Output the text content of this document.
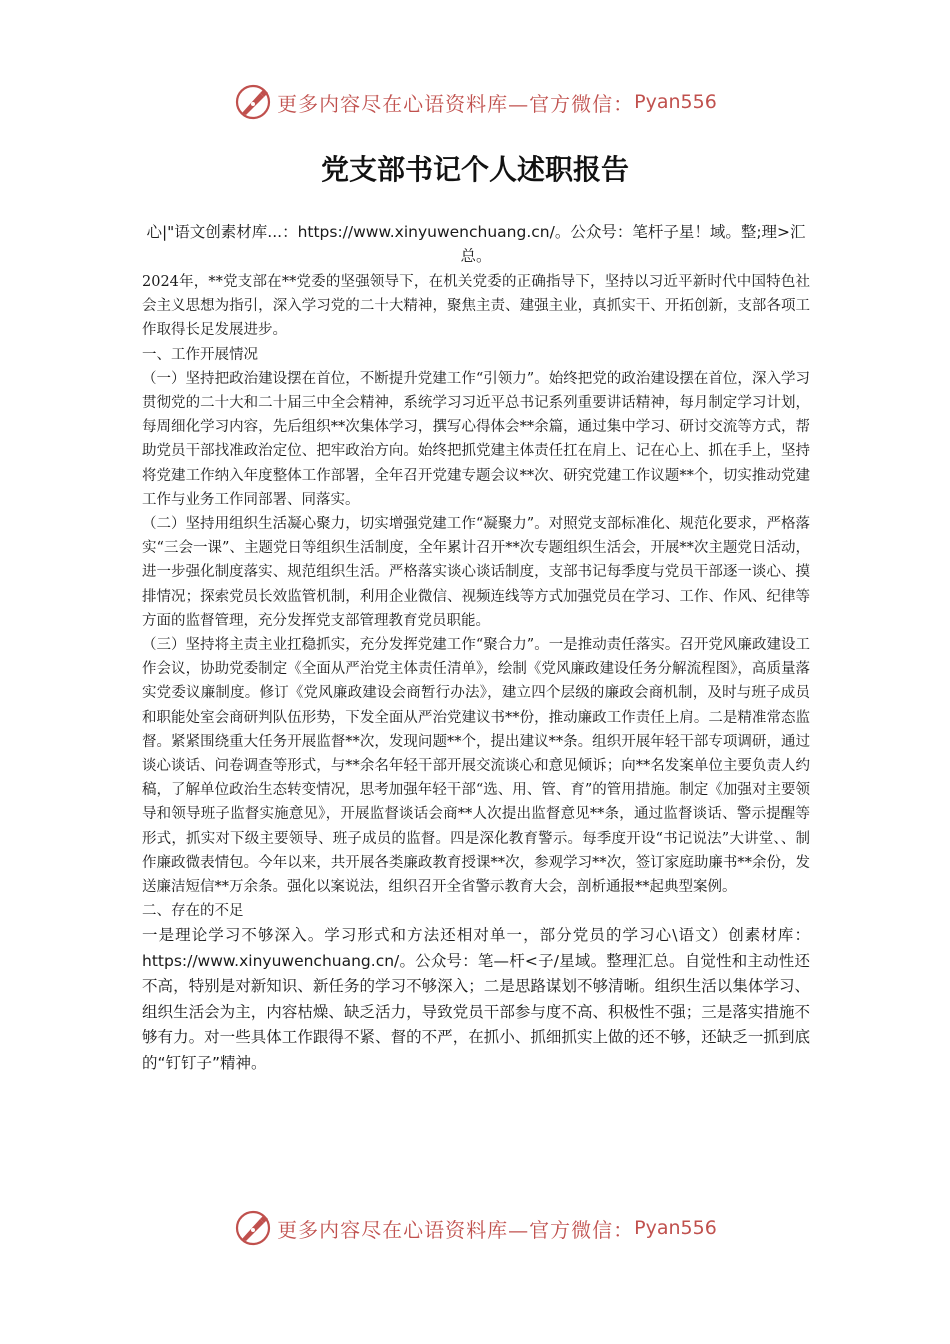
更多内容尽在心语资料库—官方微信： Pyan556
党支部书记个人述职报告

心|"语文创素材库...：https://www.xinyuwenchuang.cn/。公众号：笔杆子星！域。整;理>汇总。

2024年，**党支部在**党委的坚强领导下，在机关党委的正确指导下，坚持以习近平新时代中国特色社会主义思想为指引，深入学习党的二十大精神，聚焦主责、建强主业，真抓实干、开拓创新，支部各项工作取得长足发展进步。

一、工作开展情况

（一）坚持把政治建设摆在首位，不断提升党建工作“引领力”。始终把党的政治建设摆在首位，深入学习贯彻党的二十大和二十届三中全会精神，系统学习习近平总书记系列重要讲话精神，每月制定学习计划，每周细化学习内容，先后组织**次集体学习，撰写心得体会**余篇，通过集中学习、研讨交流等方式，帮助党员干部找准政治定位、把牢政治方向。始终把抓党建主体责任扛在肩上、记在心上、抓在手上，坚持将党建工作纳入年度整体工作部署，全年召开党建专题会议**次、研究党建工作议题**个，切实推动党建工作与业务工作同部署、同落实。

（二）坚持用组织生活凝心聚力，切实增强党建工作“凝聚力”。对照党支部标准化、规范化要求，严格落实“三会一课”、主题党日等组织生活制度，全年累计召开**次专题组织生活会，开展**次主题党日活动，进一步强化制度落实、规范组织生活。严格落实谈心谈话制度，支部书记每季度与党员干部逐一谈心、摸排情况；探索党员长效监管机制，利用企业微信、视频连线等方式加强党员在学习、工作、作风、纪律等方面的监督管理，充分发挥党支部管理教育党员职能。

（三）坚持将主责主业扛稳抓实，充分发挥党建工作“聚合力”。一是推动责任落实。召开党风廉政建设工作会议，协助党委制定《全面从严治党主体责任清单》，绘制《党风廉政建设任务分解流程图》，高质量落实党委议廉制度。修订《党风廉政建设会商暂行办法》，建立四个层级的廉政会商机制，及时与班子成员和职能处室会商研判队伍形势，下发全面从严治党建议书**份，推动廉政工作责任上肩。二是精准常态监督。紧紧围绕重大任务开展监督**次，发现问题**个，提出建议**条。组织开展年轻干部专项调研，通过谈心谈话、问卷调查等形式，与**余名年轻干部开展交流谈心和意见倾诉；向**名发案单位主要负责人约稿，了解单位政治生态转变情况，思考加强年轻干部“选、用、管、育”的管用措施。制定《加强对主要领导和领导班子监督实施意见》，开展监督谈话会商**人次提出监督意见**条，通过监督谈话、警示提醒等形式，抓实对下级主要领导、班子成员的监督。四是深化教育警示。每季度开设“书记说法”大讲堂、、制作廉政微表情包。今年以来，共开展各类廉政教育授课**次，参观学习**次，签订家庭助廉书**余份，发送廉洁短信**万余条。强化以案说法，组织召开全省警示教育大会，剖析通报**起典型案例。

二、存在的不足

一是理论学习不够深入。学习形式和方法还相对单一，部分党员的学习心\语文）创素材库：https://www.xinyuwenchuang.cn/。公众号：笔—杆<子/星域。整理汇总。自觉性和主动性还不高，特别是对新知识、新任务的学习不够深入；二是思路谋划不够清晰。组织生活以集体学习、组织生活会为主，内容枯燥、缺乏活力，导致党员干部参与度不高、积极性不强；三是落实措施不够有力。对一些具体工作跟得不紧、督的不严，在抓小、抓细抓实上做的还不够，还缺乏一抓到底的“钉钉子”精神。

更多内容尽在心语资料库—官方微信： Pyan556
